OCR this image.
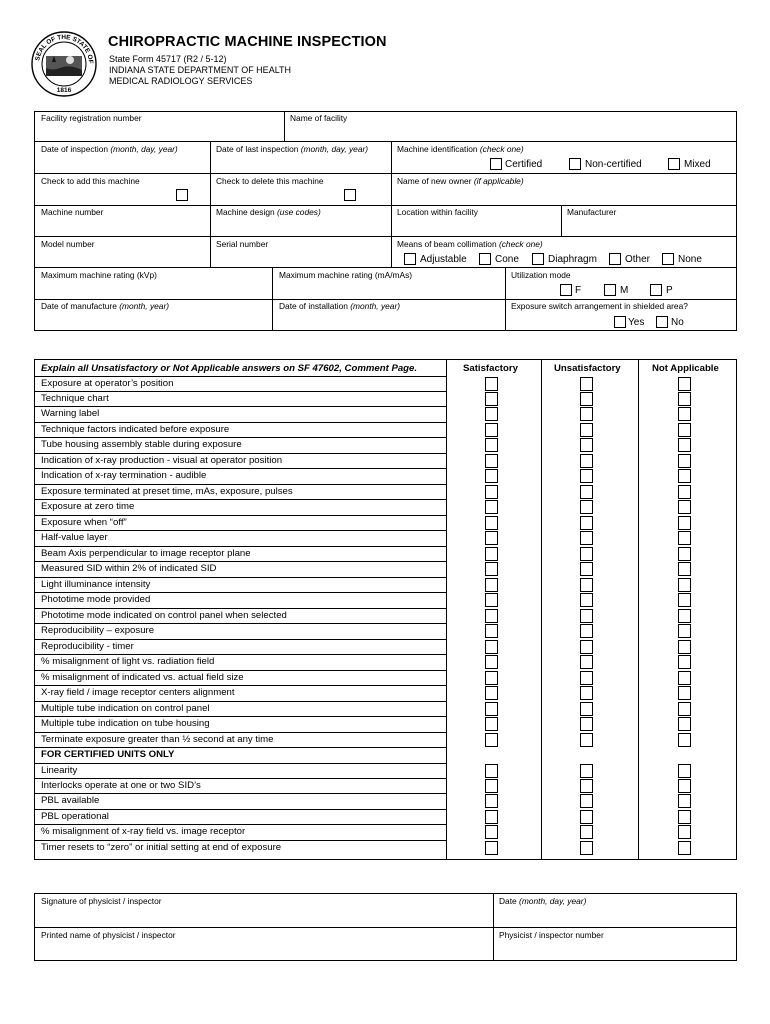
SEAL OF THE STATE OF
1816
CHIROPRACTIC MACHINE INSPECTION
State Form 45717 (R2 / 5-12)
INDIANA STATE DEPARTMENT OF HEALTH
MEDICAL RADIOLOGY SERVICES
Facility registration number	Name of facility
Date of inspection (month, day, year)	Date of last inspection (month, day, year)	Machine identification (check one)
Certified	Non-certified	Mixed
Check to add this machine	Check to delete this machine	Name of new owner (if applicable)
Machine number	Machine design (use codes)	Location within facility	Manufacturer
Model number	Serial number	Means of beam collimation (check one)
Adjustable	Cone	Diaphragm	Other	None
Maximum machine rating (kVp)	Maximum machine rating (mA/mAs)	Utilization mode
F	M	P
Date of manufacture (month, year)	Date of installation (month, year)	Exposure switch arrangement in shielded area?
Yes	No
Explain all Unsatisfactory or Not Applicable answers on SF 47602, Comment Page.	Satisfactory	Unsatisfactory	Not Applicable
Exposure at operator’s position
Technique chart
Warning label
Technique factors indicated before exposure
Tube housing assembly stable during exposure
Indication of x-ray production - visual at operator position
Indication of x-ray termination - audible
Exposure terminated at preset time, mAs, exposure, pulses
Exposure at zero time
Exposure when “off”
Half-value layer
Beam Axis perpendicular to image receptor plane
Measured SID within 2% of indicated SID
Light illuminance intensity
Phototime mode provided
Phototime mode indicated on control panel when selected
Reproducibility – exposure
Reproducibility - timer
% misalignment of light vs. radiation field
% misalignment of indicated vs. actual field size
X-ray field / image receptor centers alignment
Multiple tube indication on control panel
Multiple tube indication on tube housing
Terminate exposure greater than ½ second at any time
FOR CERTIFIED UNITS ONLY
Linearity
Interlocks operate at one or two SID’s
PBL available
PBL operational
% misalignment of x-ray field vs. image receptor
Timer resets to “zero” or initial setting at end of exposure
Signature of physicist / inspector	Date (month, day, year)
Printed name of physicist / inspector	Physicist / inspector number
